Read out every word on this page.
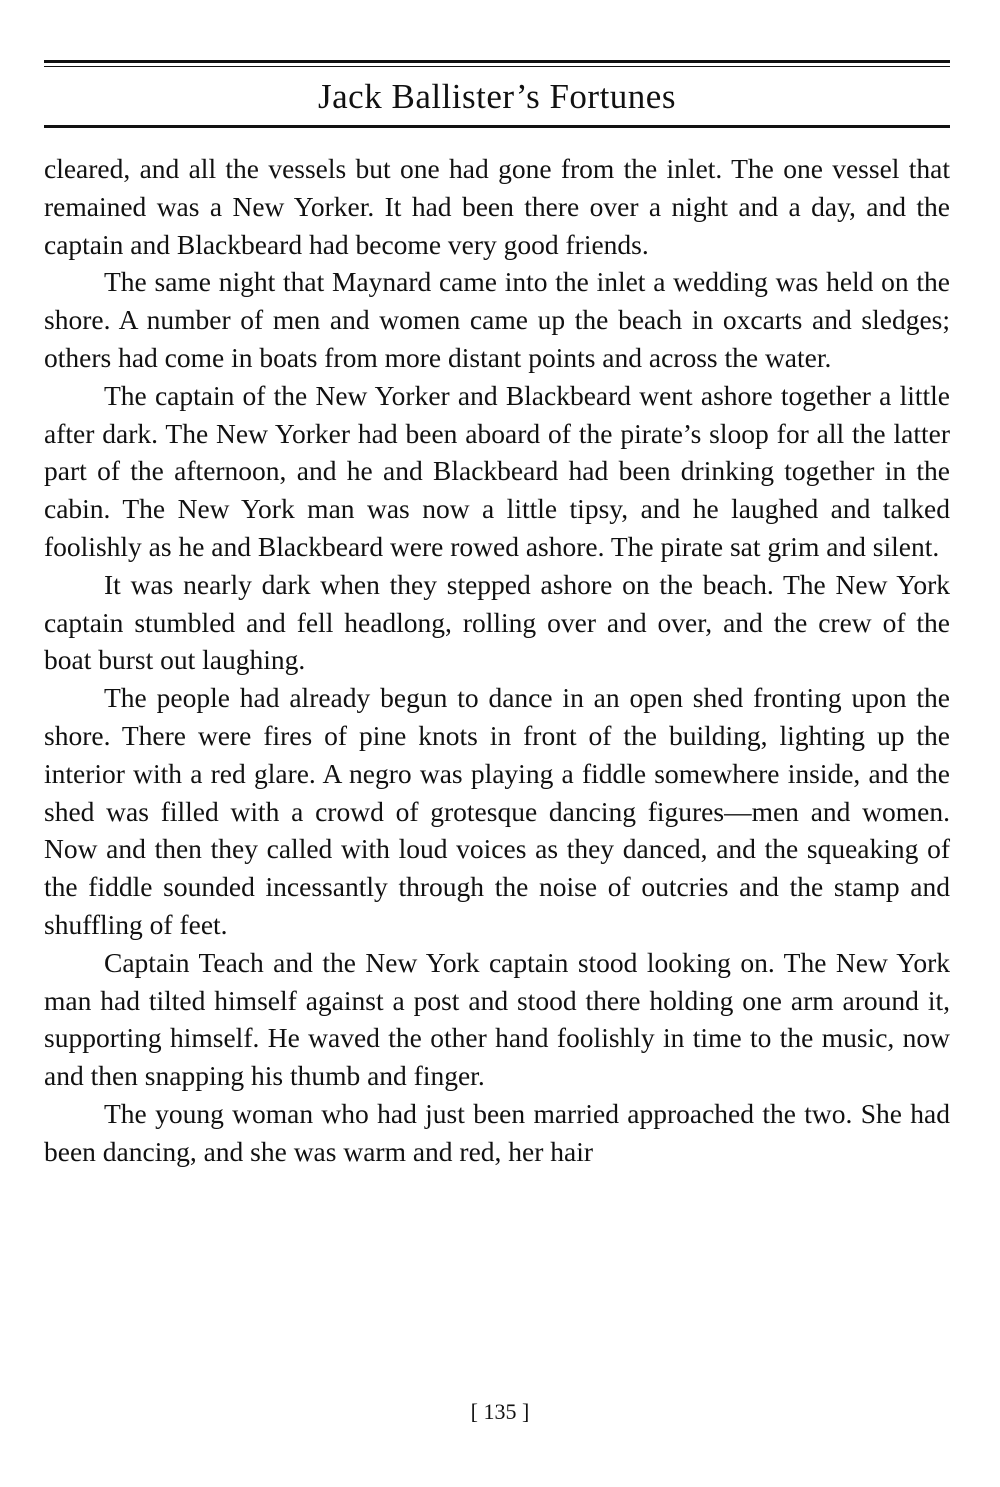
Jack Ballister’s Fortunes

cleared, and all the vessels but one had gone from the inlet. The one vessel that remained was a New Yorker. It had been there over a night and a day, and the captain and Blackbeard had become very good friends.

The same night that Maynard came into the inlet a wedding was held on the shore. A number of men and women came up the beach in oxcarts and sledges; others had come in boats from more distant points and across the water.

The captain of the New Yorker and Blackbeard went ashore together a little after dark. The New Yorker had been aboard of the pirate’s sloop for all the latter part of the afternoon, and he and Blackbeard had been drinking together in the cabin. The New York man was now a little tipsy, and he laughed and talked foolishly as he and Blackbeard were rowed ashore. The pirate sat grim and silent.

It was nearly dark when they stepped ashore on the beach. The New York captain stumbled and fell headlong, rolling over and over, and the crew of the boat burst out laughing.

The people had already begun to dance in an open shed fronting upon the shore. There were fires of pine knots in front of the building, lighting up the interior with a red glare. A negro was playing a fiddle somewhere inside, and the shed was filled with a crowd of grotesque dancing figures—men and women. Now and then they called with loud voices as they danced, and the squeaking of the fiddle sounded incessantly through the noise of outcries and the stamp and shuffling of feet.

Captain Teach and the New York captain stood looking on. The New York man had tilted himself against a post and stood there holding one arm around it, supporting himself. He waved the other hand foolishly in time to the music, now and then snapping his thumb and finger.

The young woman who had just been married approached the two. She had been dancing, and she was warm and red, her hair

[ 135 ]
